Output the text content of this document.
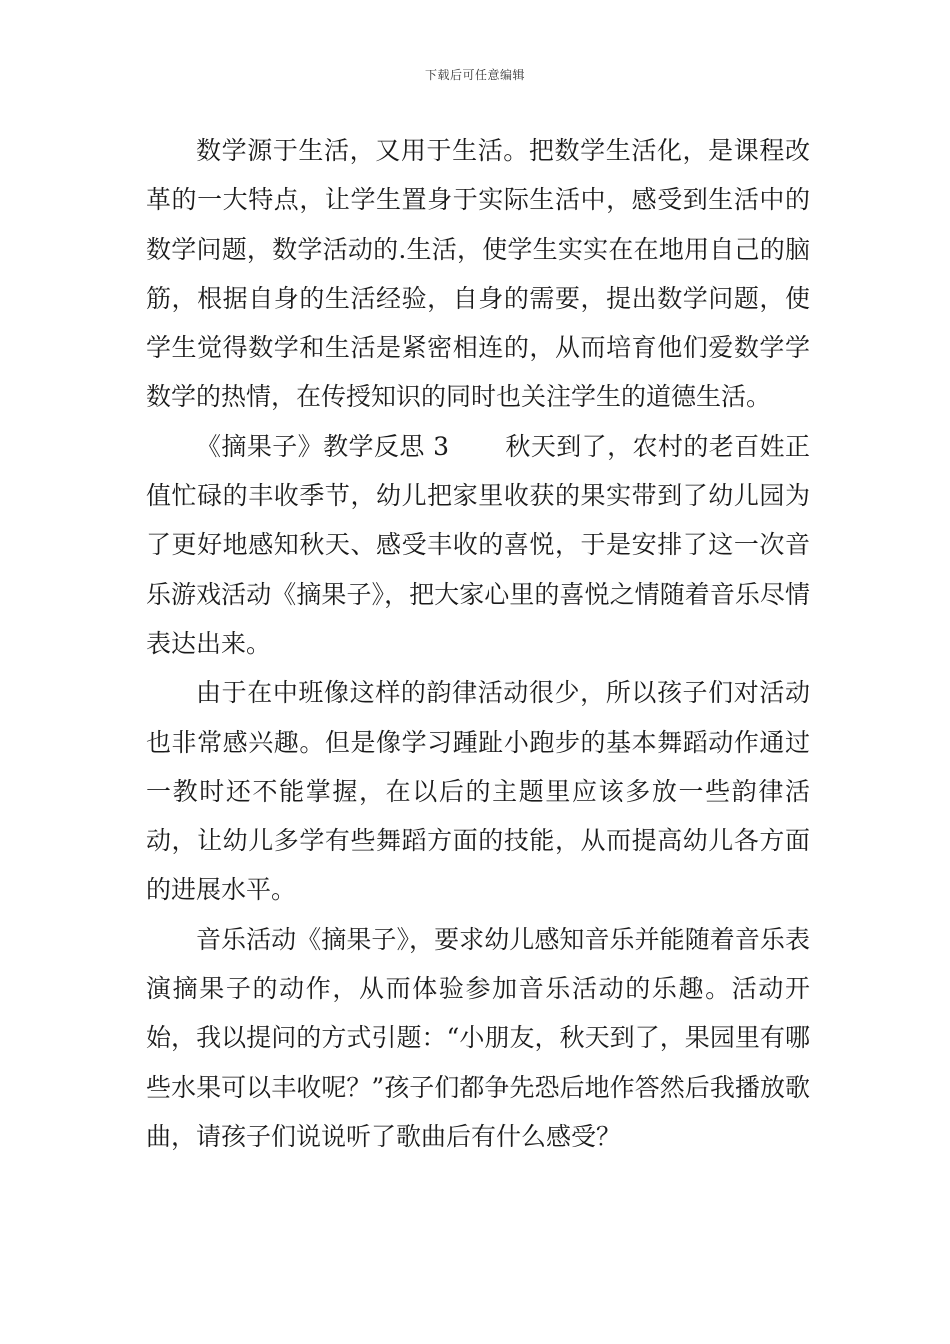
下载后可任意编辑

数学源于生活，又用于生活。把数学生活化，是课程改革的一大特点，让学生置身于实际生活中，感受到生活中的数学问题，数学活动的.生活，使学生实实在在地用自己的脑筋，根据自身的生活经验，自身的需要，提出数学问题，使学生觉得数学和生活是紧密相连的，从而培育他们爱数学学数学的热情，在传授知识的同时也关注学生的道德生活。

《摘果子》教学反思 3 秋天到了，农村的老百姓正值忙碌的丰收季节，幼儿把家里收获的果实带到了幼儿园为了更好地感知秋天、感受丰收的喜悦，于是安排了这一次音乐游戏活动《摘果子》，把大家心里的喜悦之情随着音乐尽情表达出来。

由于在中班像这样的韵律活动很少，所以孩子们对活动也非常感兴趣。但是像学习踵趾小跑步的基本舞蹈动作通过一教时还不能掌握，在以后的主题里应该多放一些韵律活动，让幼儿多学有些舞蹈方面的技能，从而提高幼儿各方面的进展水平。

音乐活动《摘果子》，要求幼儿感知音乐并能随着音乐表演摘果子的动作，从而体验参加音乐活动的乐趣。活动开始，我以提问的方式引题：“小朋友，秋天到了，果园里有哪些水果可以丰收呢？”孩子们都争先恐后地作答然后我播放歌曲，请孩子们说说听了歌曲后有什么感受？
